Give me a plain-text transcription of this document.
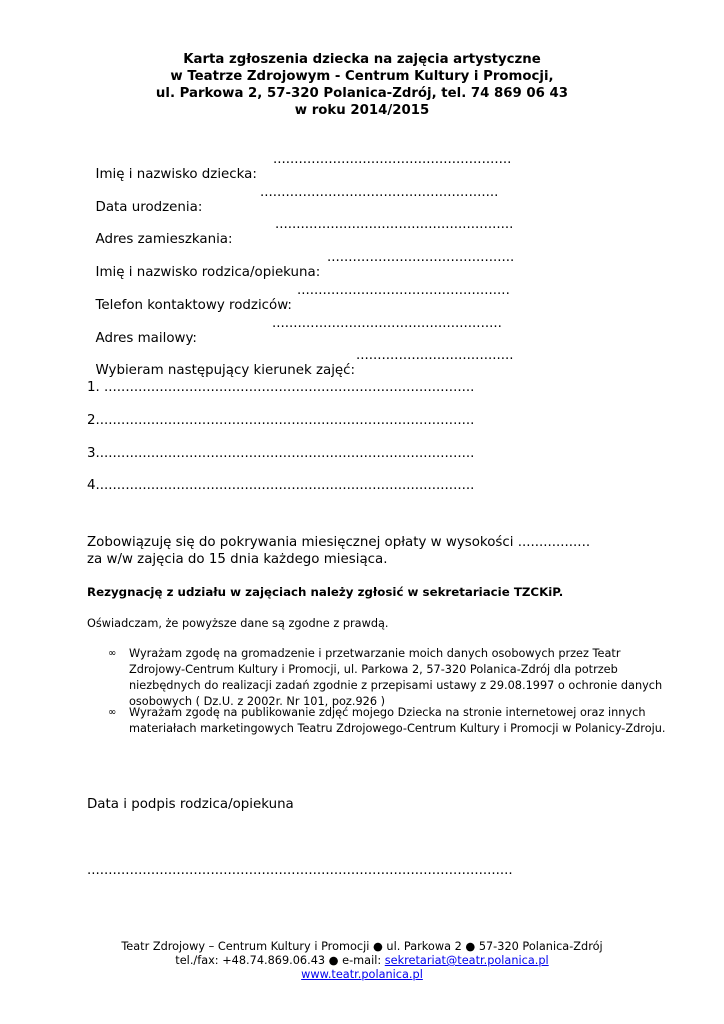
Karta zgłoszenia dziecka na zajęcia artystyczne
w Teatrze Zdrojowym - Centrum Kultury i Promocji,
ul. Parkowa 2, 57-320 Polanica-Zdrój, tel. 74 869 06 43
w roku 2014/2015

Imię i nazwisko dziecka:

........................................................

Data urodzenia:

........................................................

Adres zamieszkania:

........................................................

Imię i nazwisko rodzica/opiekuna:

............................................

Telefon kontaktowy rodziców:

..................................................

Adres mailowy:

......................................................

Wybieram następujący kierunek zajęć:

.....................................

1. .......................................................................................
2.........................................................................................
3.........................................................................................
4.........................................................................................
Zobowiązuję się do pokrywania miesięcznej opłaty w wysokości .................
za w/w zajęcia do 15 dnia każdego miesiąca.
Rezygnację z udziału w zajęciach należy zgłosić w sekretariacie TZCKiP.
Oświadczam, że powyższe dane są zgodne z prawdą.
∞ Wyrażam zgodę na gromadzenie i przetwarzanie moich danych osobowych przez Teatr Zdrojowy-Centrum Kultury i Promocji, ul. Parkowa 2, 57-320 Polanica-Zdrój dla potrzeb niezbędnych do realizacji zadań zgodnie z przepisami ustawy z 29.08.1997 o ochronie danych osobowych ( Dz.U. z 2002r. Nr 101, poz.926 )
∞ Wyrażam zgodę na publikowanie zdjęć mojego Dziecka na stronie internetowej oraz innych materiałach marketingowych Teatru Zdrojowego-Centrum Kultury i Promocji w Polanicy-Zdroju.
Data i podpis rodzica/opiekuna
....................................................................................................
Teatr Zdrojowy – Centrum Kultury i Promocji ● ul. Parkowa 2 ● 57-320 Polanica-Zdrój
tel./fax: +48.74.869.06.43 ● e-mail: sekretariat@teatr.polanica.pl
www.teatr.polanica.pl
